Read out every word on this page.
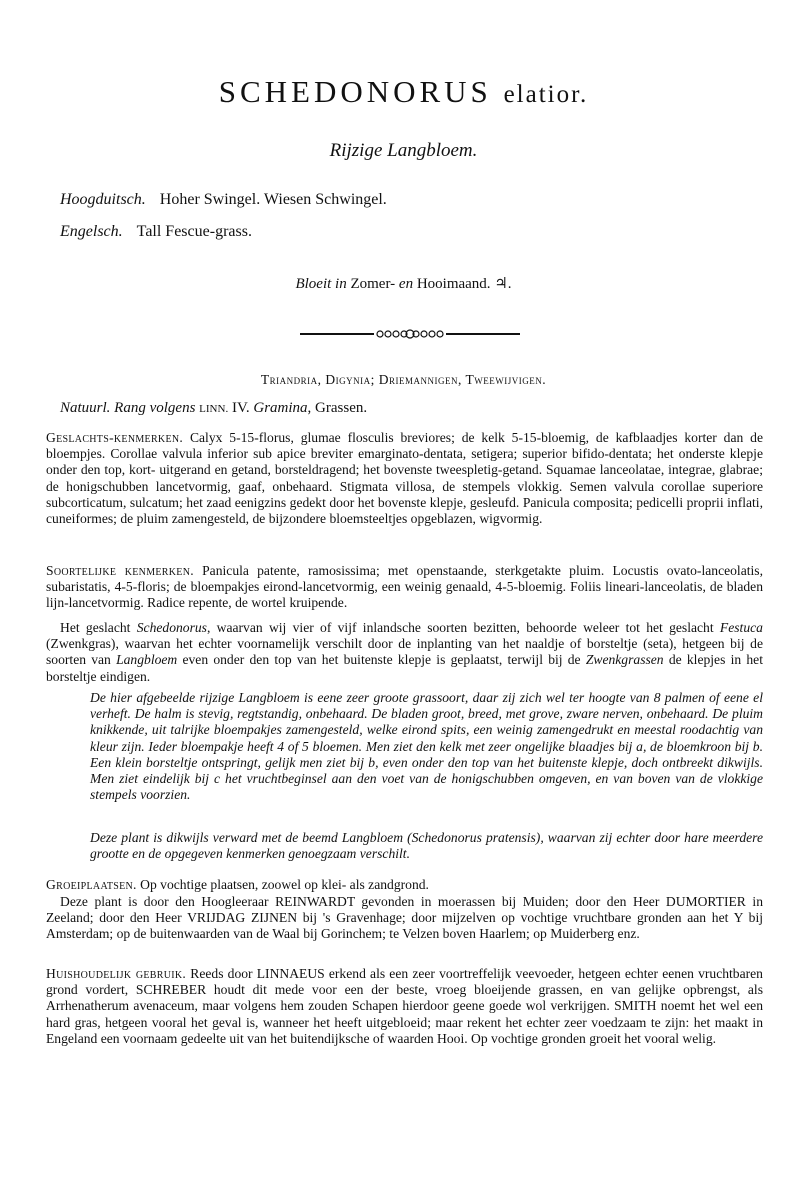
SCHEDONORUS elatior.
Rijzige Langbloem.
Hoogduitsch. Hoher Swingel. Wiesen Schwingel.
Engelsch. Tall Fescue-grass.
Bloeit in Zomer- en Hooimaand. ♃.
Triandria, Digynia; Driemannigen, Tweewijvigen.
Natuurl. Rang volgens LINN. IV. Gramina, Grassen.
Geslachts-kenmerken. Calyx 5-15-florus, glumae flosculis breviores; de kelk 5-15-bloemig, de kafblaadjes korter dan de bloempjes. Corollae valvula inferior sub apice breviter emarginato-dentata, setigera; superior bifido-dentata; het onderste klepje onder den top, kort- uitgerand en getand, borsteldragend; het bovenste tweespletig-getand. Squamae lanceolatae, integrae, glabrae; de honigschubben lancetvormig, gaaf, onbehaard. Stigmata villosa, de stempels vlokkig. Semen valvula corollae superiore subcorticatum, sulcatum; het zaad eenigzins gedekt door het bovenste klepje, gesleufd. Panicula composita; pedicelli proprii inflati, cuneiformes; de pluim zamengesteld, de bijzondere bloemsteeltjes opgeblazen, wigvormig.
Soortelijke kenmerken. Panicula patente, ramosissima; met openstaande, sterkgetakte pluim. Locustis ovato-lanceolatis, subaristatis, 4-5-floris; de bloempakjes eirond-lancetvormig, een weinig genaald, 4-5-bloemig. Foliis lineari-lanceolatis, de bladen lijn-lancetvormig. Radice repente, de wortel kruipende.
Het geslacht Schedonorus, waarvan wij vier of vijf inlandsche soorten bezitten, behoorde weleer tot het geslacht Festuca (Zwenkgras), waarvan het echter voornamelijk verschilt door de inplanting van het naaldje of borsteltje (seta), hetgeen bij de soorten van Langbloem even onder den top van het buitenste klepje is geplaatst, terwijl bij de Zwenkgrassen de klepjes in het borsteltje eindigen.
De hier afgebeelde rijzige Langbloem is eene zeer groote grassoort, daar zij zich wel ter hoogte van 8 palmen of eene el verheft. De halm is stevig, regtstandig, onbehaard. De bladen groot, breed, met grove, zware nerven, onbehaard. De pluim knikkende, uit talrijke bloempakjes zamengesteld, welke eirond spits, een weinig zamengedrukt en meestal roodachtig van kleur zijn. Ieder bloempakje heeft 4 of 5 bloemen. Men ziet den kelk met zeer ongelijke blaadjes bij a, de bloemkroon bij b. Een klein borsteltje ontspringt, gelijk men ziet bij b, even onder den top van het buitenste klepje, doch ontbreekt dikwijls. Men ziet eindelijk bij c het vruchtbeginsel aan den voet van de honigschubben omgeven, en van boven van de vlokkige stempels voorzien.
Deze plant is dikwijls verward met de beemd Langbloem (Schedonorus pratensis), waarvan zij echter door hare meerdere grootte en de opgegeven kenmerken genoegzaam verschilt.
Groeiplaatsen. Op vochtige plaatsen, zoowel op klei- als zandgrond.
Deze plant is door den Hoogleeraar REINWARDT gevonden in moerassen bij Muiden; door den Heer DUMORTIER in Zeeland; door den Heer VRIJDAG ZIJNEN bij 's Gravenhage; door mijzelven op vochtige vruchtbare gronden aan het Y bij Amsterdam; op de buitenwaarden van de Waal bij Gorinchem; te Velzen boven Haarlem; op Muiderberg enz.
Huishoudelijk gebruik. Reeds door LINNAEUS erkend als een zeer voortreffelijk veevoeder, hetgeen echter eenen vruchtbaren grond vordert, SCHREBER houdt dit mede voor een der beste, vroeg bloeijende grassen, en van gelijke opbrengst, als Arrhenatherum avenaceum, maar volgens hem zouden Schapen hierdoor geene goede wol verkrijgen. SMITH noemt het wel een hard gras, hetgeen vooral het geval is, wanneer het heeft uitgebloeid; maar rekent het echter zeer voedzaam te zijn: het maakt in Engeland een voornaam gedeelte uit van het buitendijksche of waarden Hooi. Op vochtige gronden groeit het vooral welig.
